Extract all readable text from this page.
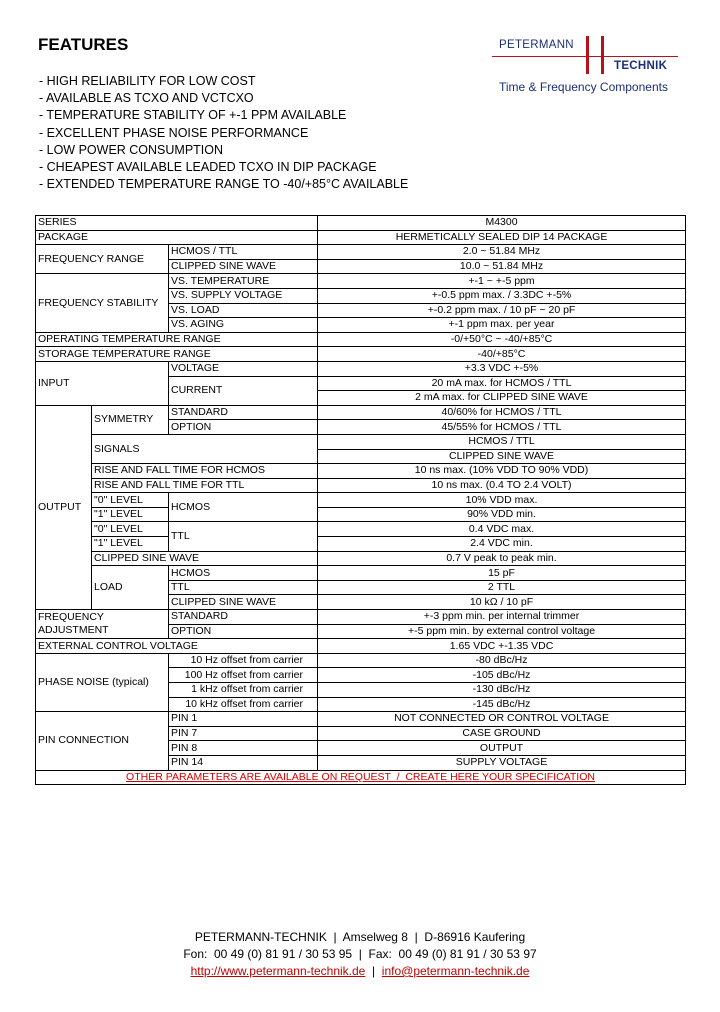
FEATURES	PETERMANN
TECHNIK
Time & Frequency Components
- HIGH RELIABILITY FOR LOW COST
- AVAILABLE AS TCXO AND VCTCXO
- TEMPERATURE STABILITY OF +-1 PPM AVAILABLE
- EXCELLENT PHASE NOISE PERFORMANCE
- LOW POWER CONSUMPTION
- CHEAPEST AVAILABLE LEADED TCXO IN DIP PACKAGE
- EXTENDED TEMPERATURE RANGE TO -40/+85°C AVAILABLE
SERIES			M4300
PACKAGE			HERMETICALLY SEALED DIP 14 PACKAGE
FREQUENCY RANGE		HCMOS / TTL	2.0 ~ 51.84 MHz
		CLIPPED SINE WAVE	10.0 ~ 51.84 MHz
FREQUENCY STABILITY		VS. TEMPERATURE	+-1 ~ +-5 ppm
		VS. SUPPLY VOLTAGE	+-0.5 ppm max. / 3.3DC +-5%
		VS. LOAD	+-0.2 ppm max. / 10 pF ~ 20 pF
		VS. AGING	+-1 ppm max. per year
OPERATING TEMPERATURE RANGE			-0/+50°C ~ -40/+85°C
STORAGE TEMPERATURE RANGE			-40/+85°C
INPUT		VOLTAGE	+3.3 VDC +-5%
		CURRENT	20 mA max. for HCMOS / TTL
			2 mA max. for CLIPPED SINE WAVE
OUTPUT	SYMMETRY	STANDARD	40/60% for HCMOS / TTL
		OPTION	45/55% for HCMOS / TTL
	SIGNALS		HCMOS / TTL
			CLIPPED SINE WAVE
	RISE AND FALL TIME FOR HCMOS		10 ns max. (10% VDD TO 90% VDD)
	RISE AND FALL TIME FOR TTL		10 ns max. (0.4 TO 2.4 VOLT)
	"0" LEVEL	HCMOS	10% VDD max.
	"1" LEVEL		90% VDD min.
	"0" LEVEL	TTL	0.4 VDC max.
	"1" LEVEL		2.4 VDC min.
	CLIPPED SINE WAVE		0.7 V peak to peak min.
	LOAD	HCMOS	15 pF
		TTL	2 TTL
		CLIPPED SINE WAVE	10 kΩ / 10 pF
FREQUENCY ADJUSTMENT		STANDARD	+-3 ppm min. per internal trimmer
		OPTION	+-5 ppm min. by external control voltage
EXTERNAL CONTROL VOLTAGE			1.65 VDC +-1.35 VDC
PHASE NOISE (typical)		10 Hz offset from carrier	-80 dBc/Hz
		100 Hz offset from carrier	-105 dBc/Hz
		1 kHz offset from carrier	-130 dBc/Hz
		10 kHz offset from carrier	-145 dBc/Hz
PIN CONNECTION		PIN 1	NOT CONNECTED OR CONTROL VOLTAGE
		PIN 7	CASE GROUND
		PIN 8	OUTPUT
		PIN 14	SUPPLY VOLTAGE
OTHER PARAMETERS ARE AVAILABLE ON REQUEST  /  CREATE HERE YOUR SPECIFICATION			
PETERMANN-TECHNIK  |  Amselweg 8  |  D-86916 Kaufering
Fon:  00 49 (0) 81 91 / 30 53 95  |  Fax:  00 49 (0) 81 91 / 30 53 97
http://www.petermann-technik.de  |  info@petermann-technik.de
